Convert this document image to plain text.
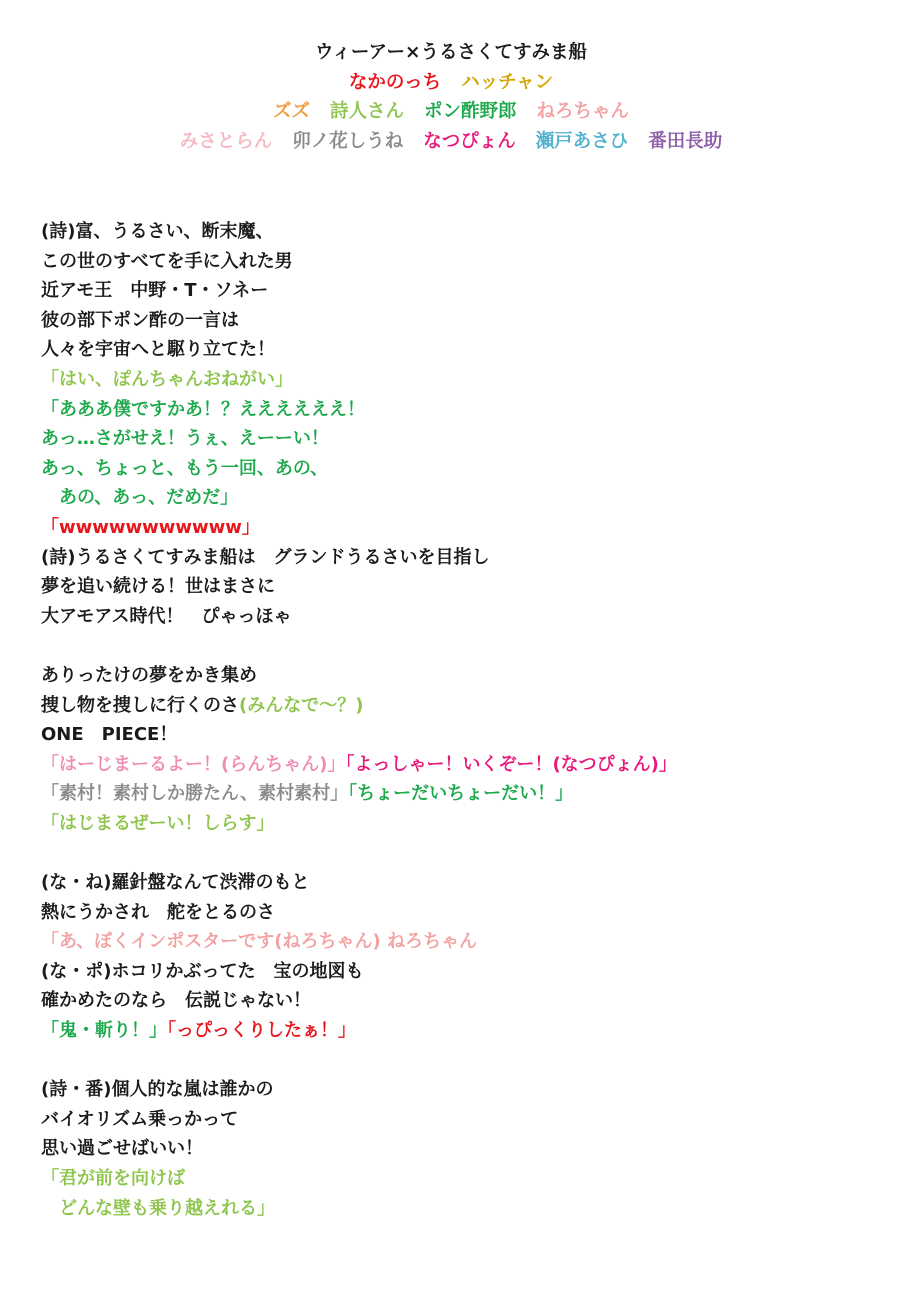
ウィーアー×うるさくてすみま船
なかのっち ハッチャン
ズズ 詩人さん ポン酢野郎 ねろちゃん
みさとらん 卯ノ花しうね なつぴょん 瀬戸あさひ 番田長助
(詩)富、うるさい、断末魔、
この世のすべてを手に入れた男
近アモ王　中野・T・ソネー
彼の部下ポン酢の一言は
人々を宇宙へと駆り立てた！
「はい、ぽんちゃんおねがい」
「あああ僕ですかあ！？ええええええ！
あっ…さがせえ！うぇ、えーーい！
あっ、ちょっと、もう一回、あの、
　あの、あっ、だめだ」
「wwwwwwwwwww」
(詩)うるさくてすみま船は　グランドうるさいを目指し
夢を追い続ける！世はまさに
大アモアス時代！　ぴゃっほゃ
ありったけの夢をかき集め
捜し物を捜しに行くのさ(みんなで～？)
ONE　PIECE！
「はーじまーるよー！(らんちゃん)」「よっしゃー！いくぞー！(なつぴょん)」
「素村！素村しか勝たん、素村素村」「ちょーだいちょーだい！」
「はじまるぜーい！しらす」
(な・ね)羅針盤なんて渋滞のもと
熱にうかされ　舵をとるのさ
「あ、ぼくインポスターです(ねろちゃん) ねろちゃん
(な・ポ)ホコリかぶってた　宝の地図も
確かめたのなら　伝説じゃない！
「鬼・斬り！」「っぴっくりしたぁ！」
(詩・番)個人的な嵐は誰かの
バイオリズム乗っかって
思い過ごせばいい！
「君が前を向けば
　どんな壁も乗り越えれる」
